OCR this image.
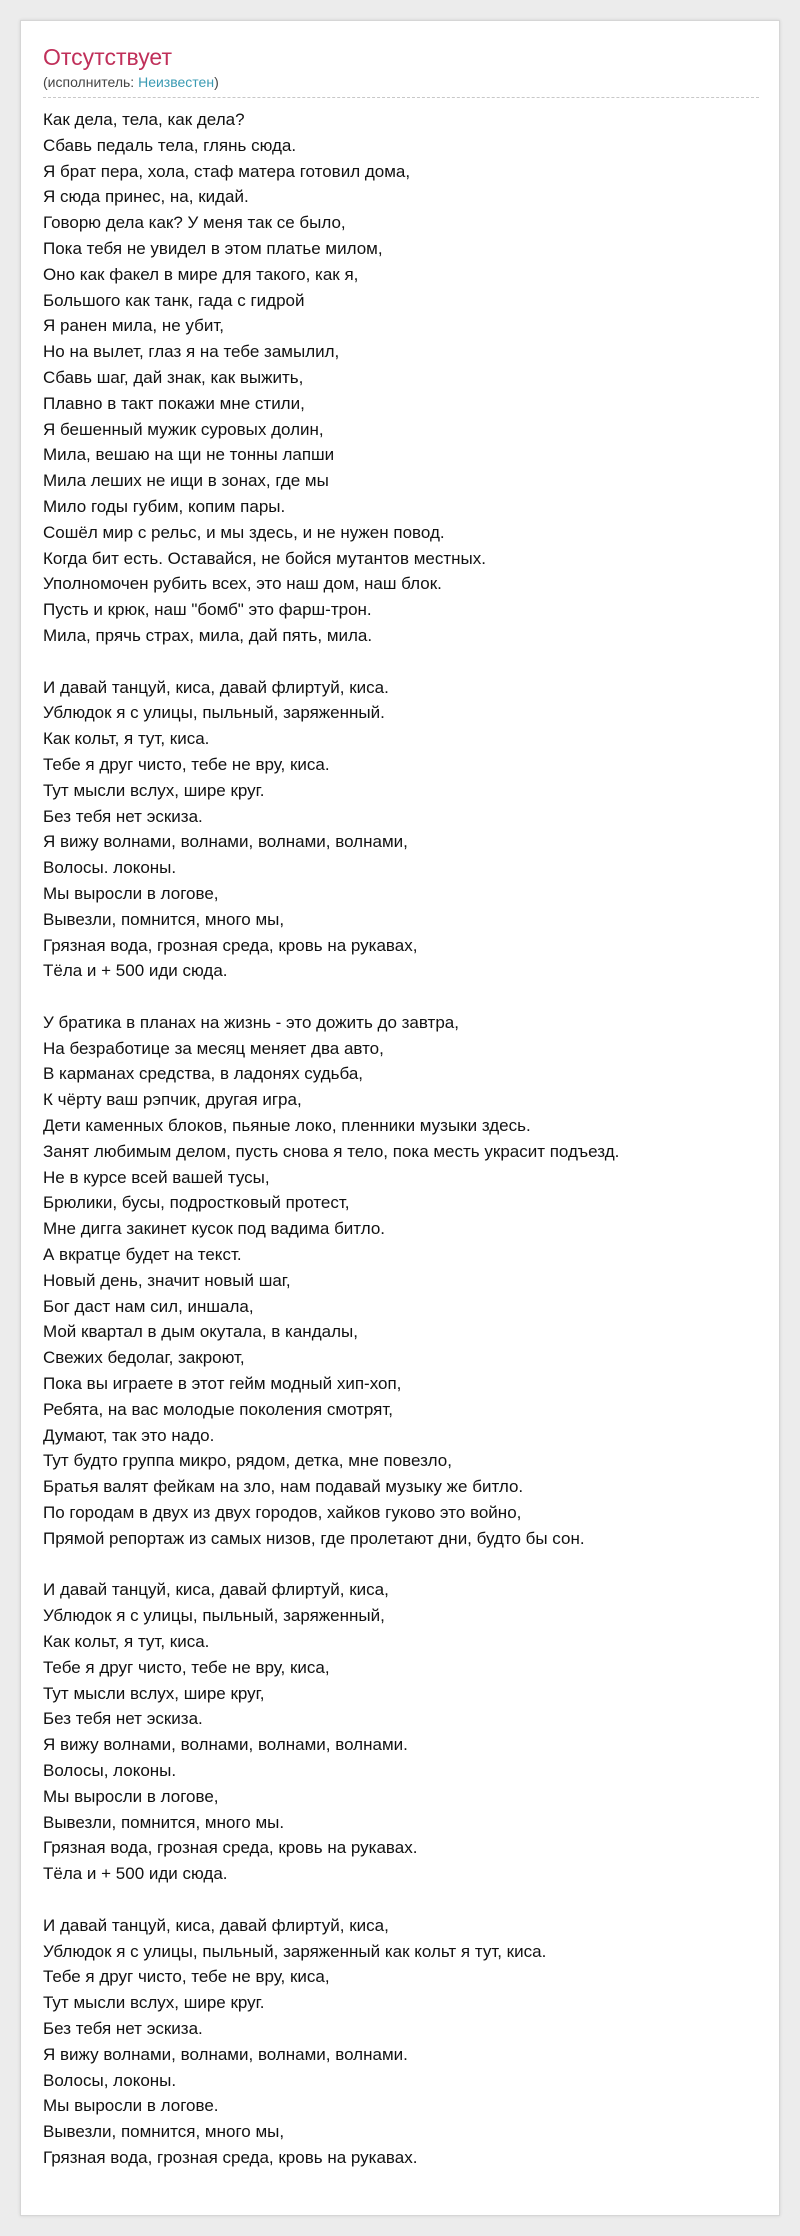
Отсутствует
(исполнитель: Неизвестен)
Как дела, тела, как дела?
Сбавь педаль тела, глянь сюда.
Я брат пера, хола, стаф матера готовил дома,
Я сюда принес, на, кидай.
Говорю дела как? У меня так се было,
Пока тебя не увидел в этом платье милом,
Оно как факел в мире для такого, как я,
Большого как танк, гада с гидрой
Я ранен мила, не убит,
Но на вылет, глаз я на тебе замылил,
Сбавь шаг, дай знак, как выжить,
Плавно в такт покажи мне стили,
Я бешенный мужик суровых долин,
Мила, вешаю на щи не тонны лапши
Мила леших не ищи в зонах, где мы
Мило годы губим, копим пары.
Сошёл мир с рельс, и мы здесь, и не нужен повод.
Когда бит есть. Оставайся, не бойся мутантов местных.
Уполномочен рубить всех, это наш дом, наш блок.
Пусть и крюк, наш "бомб" это фарш-трон.
Мила, прячь страх, мила, дай пять, мила.
И давай танцуй, киса, давай флиртуй, киса.
Ублюдок я с улицы, пыльный, заряженный.
Как кольт, я тут, киса.
Тебе я друг чисто, тебе не вру, киса.
Тут мысли вслух, шире круг.
Без тебя нет эскиза.
Я вижу волнами, волнами, волнами, волнами,
Волосы. локоны.
Мы выросли в логове,
Вывезли, помнится, много мы,
Грязная вода, грозная среда, кровь на рукавах,
Тёла и + 500 иди сюда.
У братика в планах на жизнь - это дожить до завтра,
На безработице за месяц меняет два авто,
В карманах средства, в ладонях судьба,
К чёрту ваш рэпчик, другая игра,
Дети каменных блоков, пьяные локо, пленники музыки здесь.
Занят любимым делом, пусть снова я тело, пока месть украсит подъезд.
Не в курсе всей вашей тусы,
Брюлики, бусы, подростковый протест,
Мне дигга закинет кусок под вадима битло.
А вкратце будет на текст.
Новый день, значит новый шаг,
Бог даст нам сил, иншала,
Мой квартал в дым окутала, в кандалы,
Свежих бедолаг, закроют,
Пока вы играете в этот гейм модный хип-хоп,
Ребята, на вас молодые поколения смотрят,
Думают, так это надо.
Тут будто группа микро, рядом, детка, мне повезло,
Братья валят фейкам на зло, нам подавай музыку же битло.
По городам в двух из двух городов, хайков гуково это войно,
Прямой репортаж из самых низов, где пролетают дни, будто бы сон.
И давай танцуй, киса, давай флиртуй, киса,
Ублюдок я с улицы, пыльный, заряженный,
Как кольт, я тут, киса.
Тебе я друг чисто, тебе не вру, киса,
Тут мысли вслух, шире круг,
Без тебя нет эскиза.
Я вижу волнами, волнами, волнами, волнами.
Волосы, локоны.
Мы выросли в логове,
Вывезли, помнится, много мы.
Грязная вода, грозная среда, кровь на рукавах.
Тёла и + 500 иди сюда.
И давай танцуй, киса, давай флиртуй, киса,
Ублюдок я с улицы, пыльный, заряженный как кольт я тут, киса.
Тебе я друг чисто, тебе не вру, киса,
Тут мысли вслух, шире круг.
Без тебя нет эскиза.
Я вижу волнами, волнами, волнами, волнами.
Волосы, локоны.
Мы выросли в логове.
Вывезли, помнится, много мы,
Грязная вода, грозная среда, кровь на рукавах.
